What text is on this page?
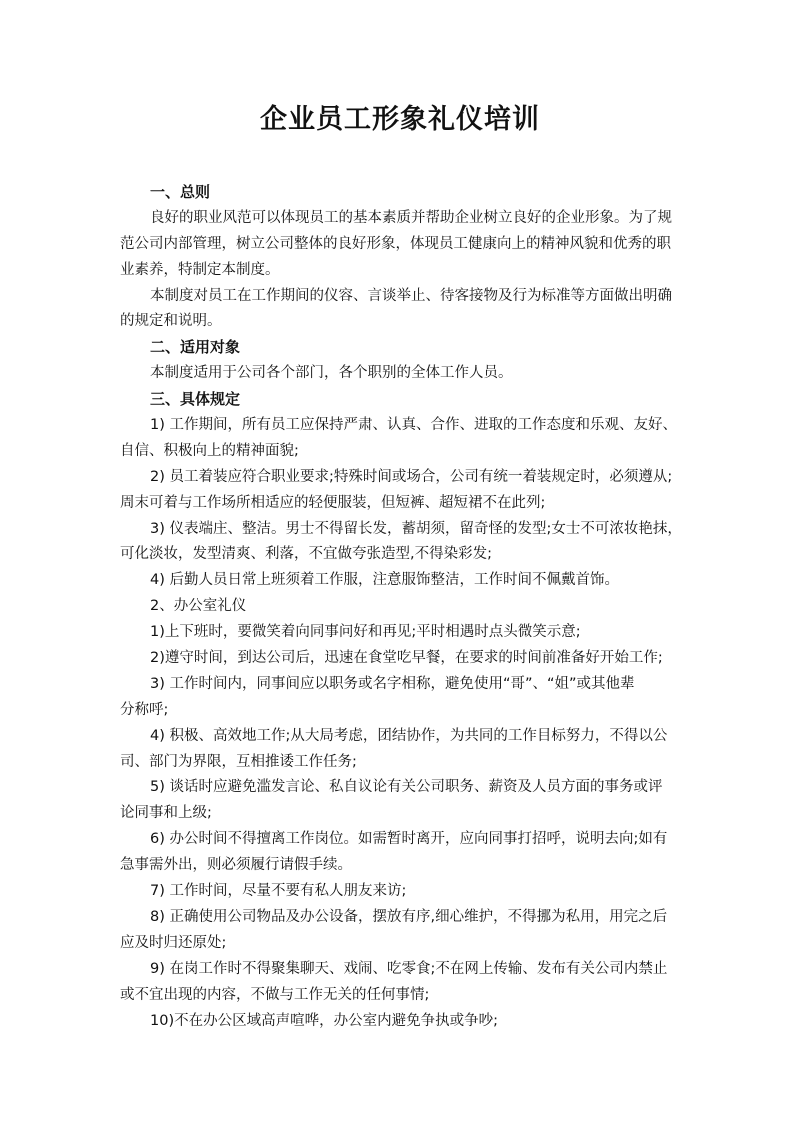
企业员工形象礼仪培训
一、总则
良好的职业风范可以体现员工的基本素质并帮助企业树立良好的企业形象。为了规
范公司内部管理，树立公司整体的良好形象，体现员工健康向上的精神风貌和优秀的职
业素养，特制定本制度。
本制度对员工在工作期间的仪容、言谈举止、待客接物及行为标准等方面做出明确
的规定和说明。
二、适用对象
本制度适用于公司各个部门，各个职别的全体工作人员。
三、具体规定
1) 工作期间，所有员工应保持严肃、认真、合作、进取的工作态度和乐观、友好、
自信、积极向上的精神面貌;
2) 员工着装应符合职业要求;特殊时间或场合，公司有统一着装规定时，必须遵从;
周末可着与工作场所相适应的轻便服装，但短裤、超短裙不在此列;
3) 仪表端庄、整洁。男士不得留长发，蓄胡须，留奇怪的发型;女士不可浓妆艳抹，
可化淡妆，发型清爽、利落，不宜做夸张造型,不得染彩发;
4) 后勤人员日常上班须着工作服，注意服饰整洁，工作时间不佩戴首饰。
2、办公室礼仪
1)上下班时，要微笑着向同事问好和再见;平时相遇时点头微笑示意;
2)遵守时间，到达公司后，迅速在食堂吃早餐，在要求的时间前准备好开始工作;
3) 工作时间内，同事间应以职务或名字相称，避免使用“哥”、“姐”或其他辈
分称呼;
4) 积极、高效地工作;从大局考虑，团结协作，为共同的工作目标努力，不得以公
司、部门为界限，互相推诿工作任务;
5) 谈话时应避免滥发言论、私自议论有关公司职务、薪资及人员方面的事务或评
论同事和上级;
6) 办公时间不得擅离工作岗位。如需暂时离开，应向同事打招呼，说明去向;如有
急事需外出，则必须履行请假手续。
7) 工作时间，尽量不要有私人朋友来访;
8) 正确使用公司物品及办公设备，摆放有序,细心维护，不得挪为私用，用完之后
应及时归还原处;
9) 在岗工作时不得聚集聊天、戏闹、吃零食;不在网上传输、发布有关公司内禁止
或不宜出现的内容，不做与工作无关的任何事情;
10)不在办公区域高声喧哗，办公室内避免争执或争吵;
